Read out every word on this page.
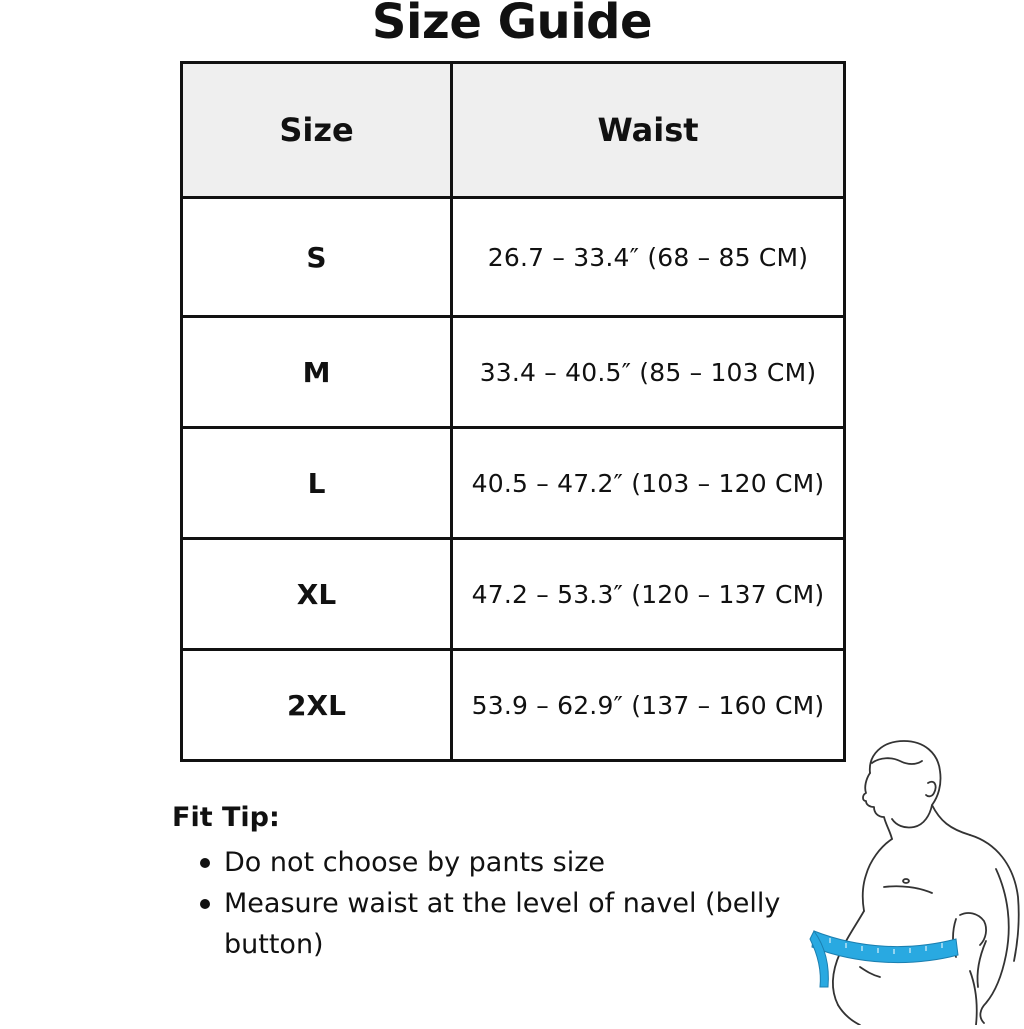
Size Guide
Size	Waist
S	26.7 – 33.4″ (68 – 85 CM)
M	33.4 – 40.5″ (85 – 103 CM)
L	40.5 – 47.2″ (103 – 120 CM)
XL	47.2 – 53.3″ (120 – 137 CM)
2XL	53.9 – 62.9″ (137 – 160 CM)
Fit Tip:
Do not choose by pants size
Measure waist at the level of navel (belly button)
